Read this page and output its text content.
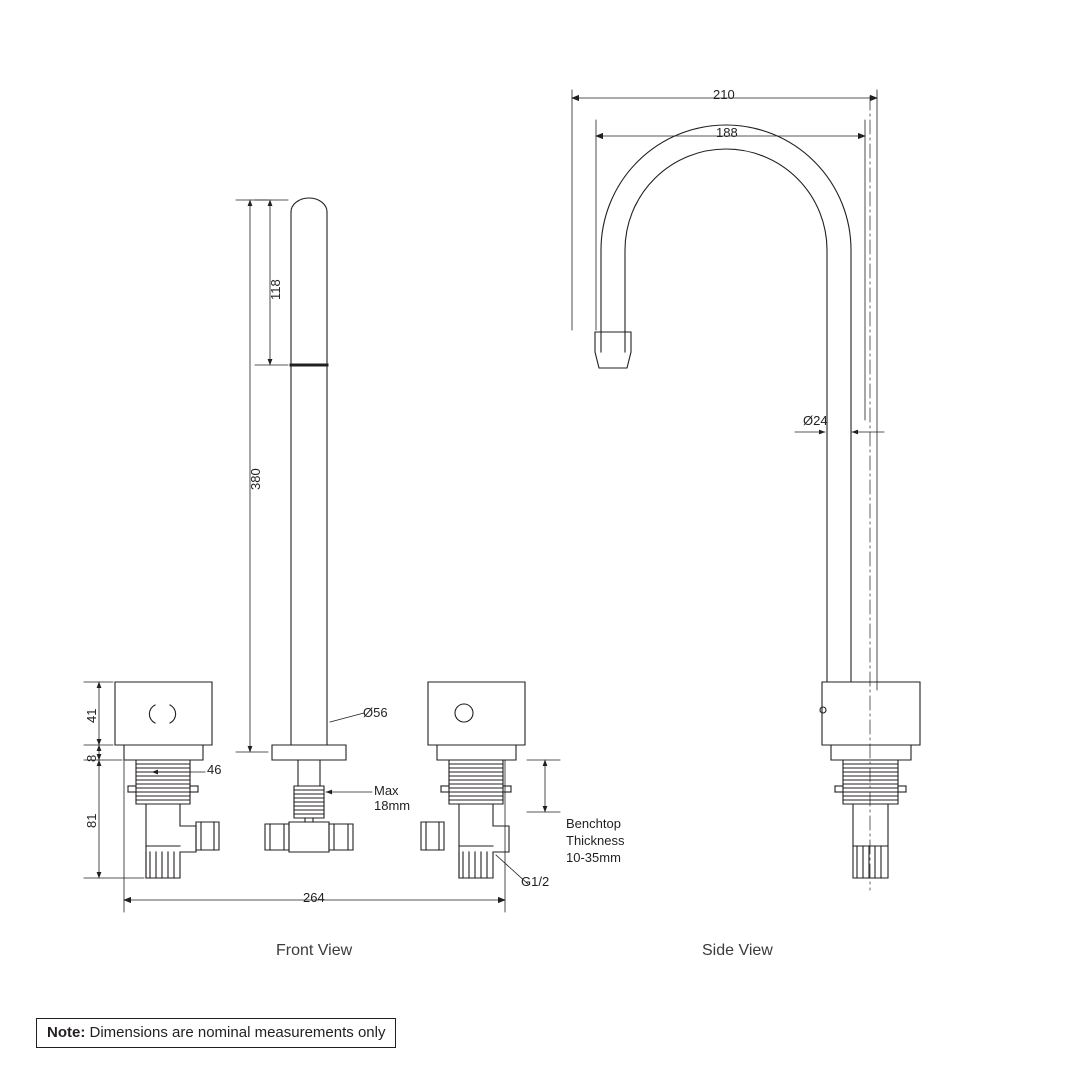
118
380
Ø56
41
8
81
46
Max
18mm
Benchtop
Thickness
10-35mm
G1/2
264
210
188
Ø24
Front View	Side View
Note: Dimensions are nominal measurements only
